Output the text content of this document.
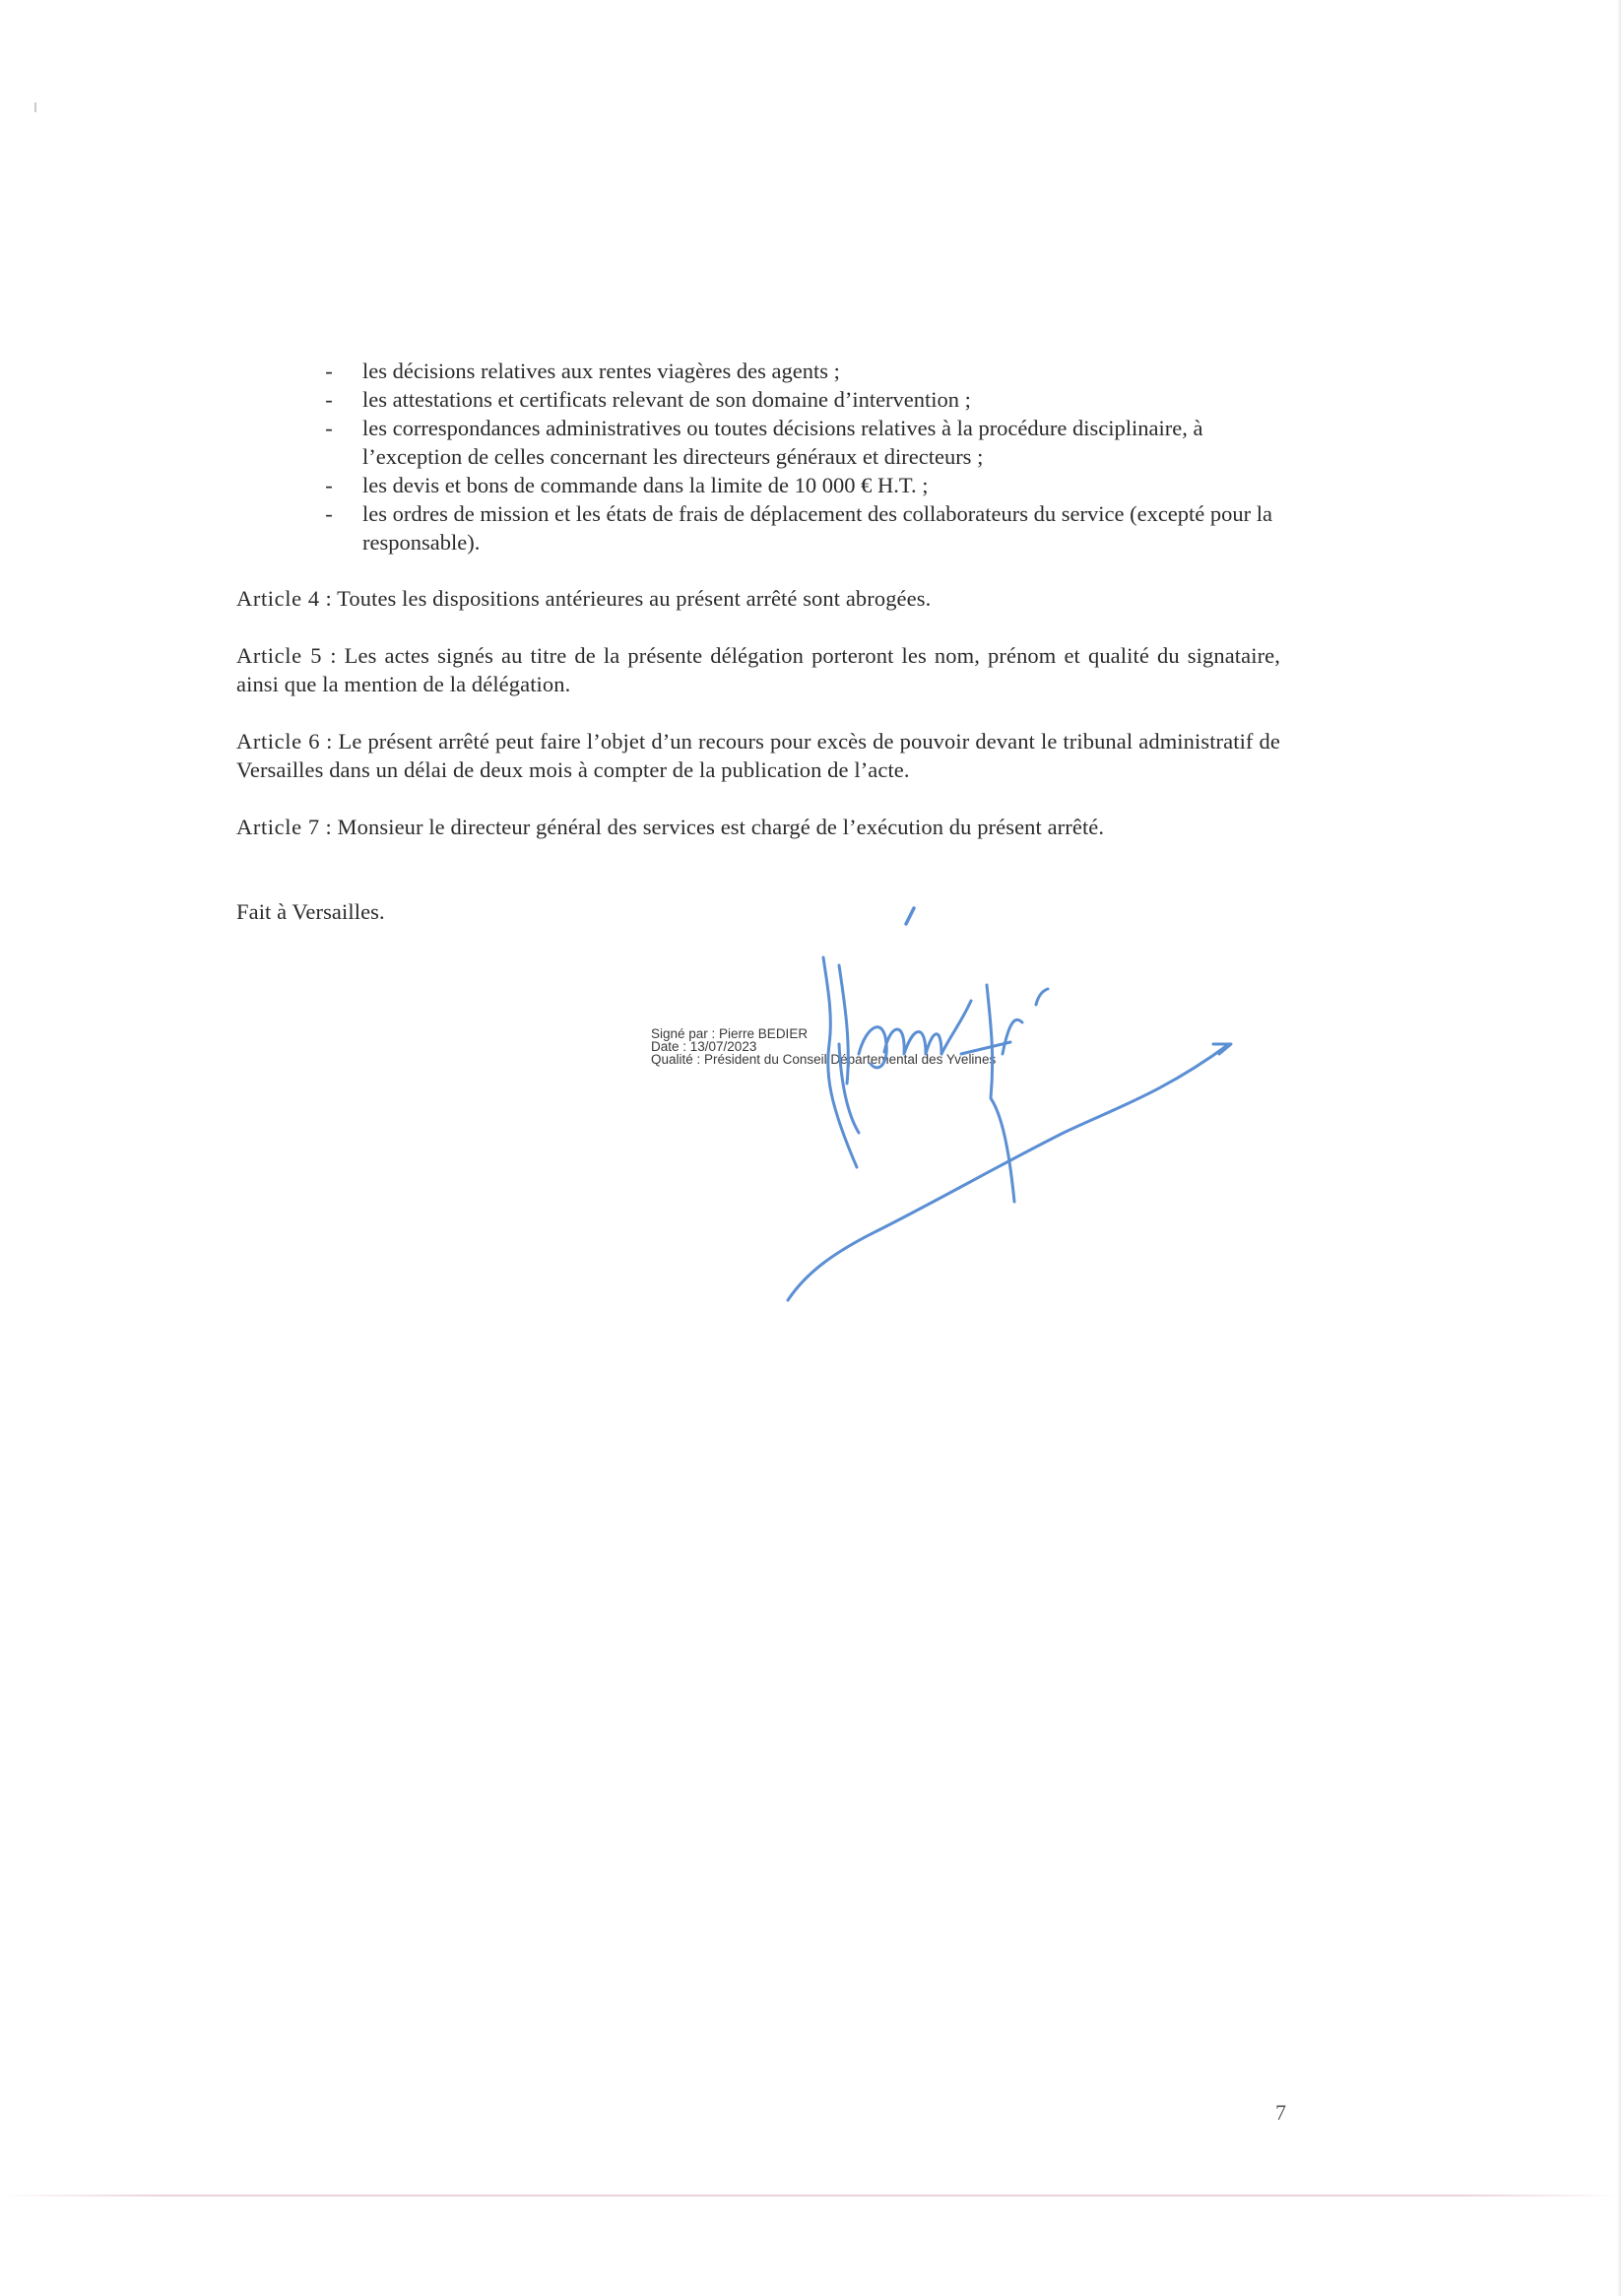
- les décisions relatives aux rentes viagères des agents ;
- les attestations et certificats relevant de son domaine d’intervention ;
- les correspondances administratives ou toutes décisions relatives à la procédure disciplinaire, à l’exception de celles concernant les directeurs généraux et directeurs ;
- les devis et bons de commande dans la limite de 10 000 € H.T. ;
- les ordres de mission et les états de frais de déplacement des collaborateurs du service (excepté pour la responsable).

Article 4 : Toutes les dispositions antérieures au présent arrêté sont abrogées.

Article 5 : Les actes signés au titre de la présente délégation porteront les nom, prénom et qualité du signataire, ainsi que la mention de la délégation.

Article 6 : Le présent arrêté peut faire l’objet d’un recours pour excès de pouvoir devant le tribunal administratif de Versailles dans un délai de deux mois à compter de la publication de l’acte.

Article 7 : Monsieur le directeur général des services est chargé de l’exécution du présent arrêté.

Fait à Versailles.

Signé par : Pierre BEDIER
Date : 13/07/2023
Qualité : Président du Conseil Départemental des Yvelines
7
